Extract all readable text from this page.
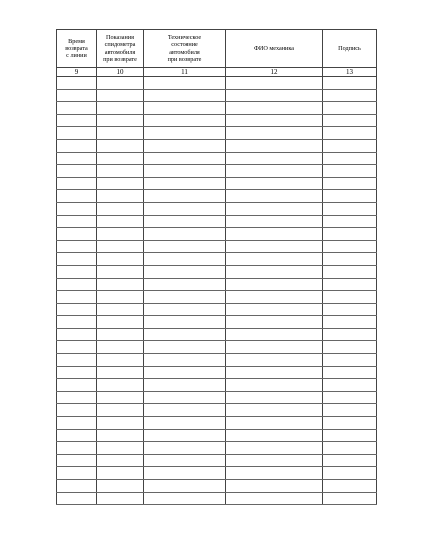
Время
возврата
с линии	Показания
спидометра
автомобиля
при возврате	Техническое
состояние
автомобиля
при возврате	ФИО механика	Подпись
9	10	11	12	13
